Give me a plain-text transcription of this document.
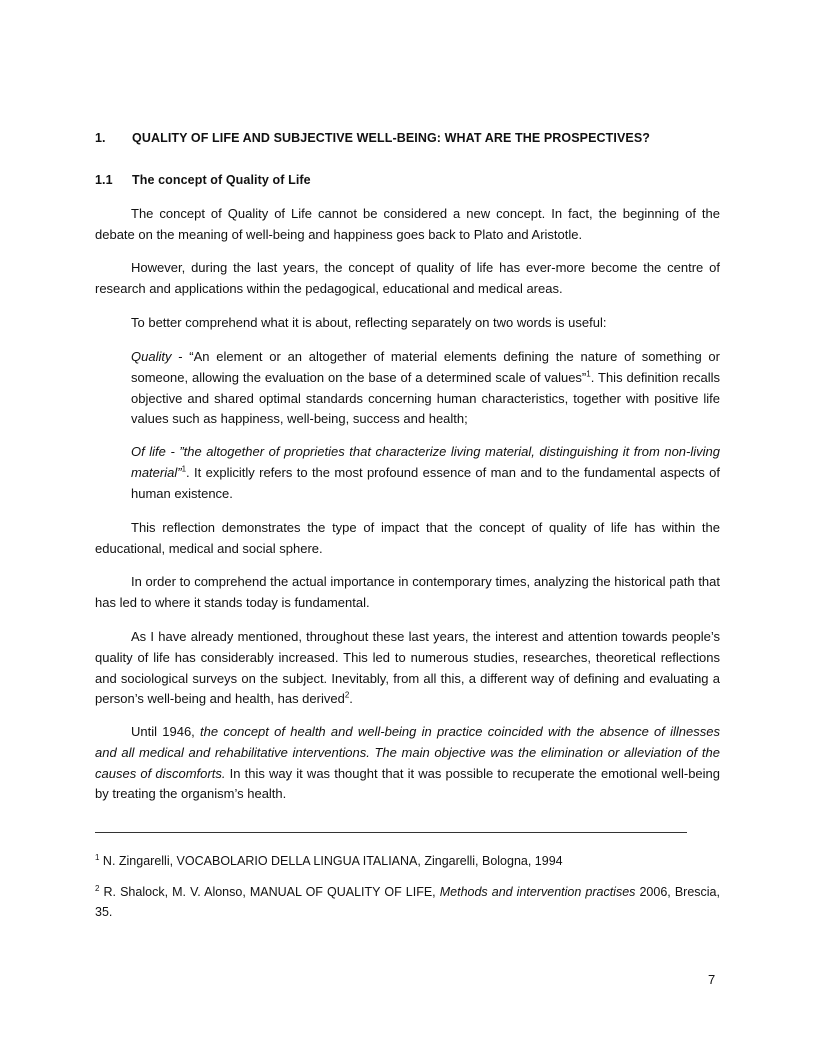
1. QUALITY OF LIFE AND SUBJECTIVE WELL-BEING: WHAT ARE THE PROSPECTIVES?
1.1 The concept of Quality of Life
The concept of Quality of Life cannot be considered a new concept. In fact, the beginning of the debate on the meaning of well-being and happiness goes back to Plato and Aristotle.
However, during the last years, the concept of quality of life has ever-more become the centre of research and applications within the pedagogical, educational and medical areas.
To better comprehend what it is about, reflecting separately on two words is useful:
Quality - “An element or an altogether of material elements defining the nature of something or someone, allowing the evaluation on the base of a determined scale of values”$^1$. This definition recalls objective and shared optimal standards concerning human characteristics, together with positive life values such as happiness, well-being, success and health;
Of life - ”the altogether of proprieties that characterize living material, distinguishing it from non-living material”$^1$. It explicitly refers to the most profound essence of man and to the fundamental aspects of human existence.
This reflection demonstrates the type of impact that the concept of quality of life has within the educational, medical and social sphere.
In order to comprehend the actual importance in contemporary times, analyzing the historical path that has led to where it stands today is fundamental.
As I have already mentioned, throughout these last years, the interest and attention towards people’s quality of life has considerably increased. This led to numerous studies, researches, theoretical reflections and sociological surveys on the subject. Inevitably, from all this, a different way of defining and evaluating a person’s well-being and health, has derived$^2$.
Until 1946, the concept of health and well-being in practice coincided with the absence of illnesses and all medical and rehabilitative interventions. The main objective was the elimination or alleviation of the causes of discomforts. In this way it was thought that it was possible to recuperate the emotional well-being by treating the organism’s health.
$^1$ N. Zingarelli, VOCABOLARIO DELLA LINGUA ITALIANA, Zingarelli, Bologna, 1994
$^2$ R. Shalock, M. V. Alonso, MANUAL OF QUALITY OF LIFE, Methods and intervention practises 2006, Brescia, 35.
7
